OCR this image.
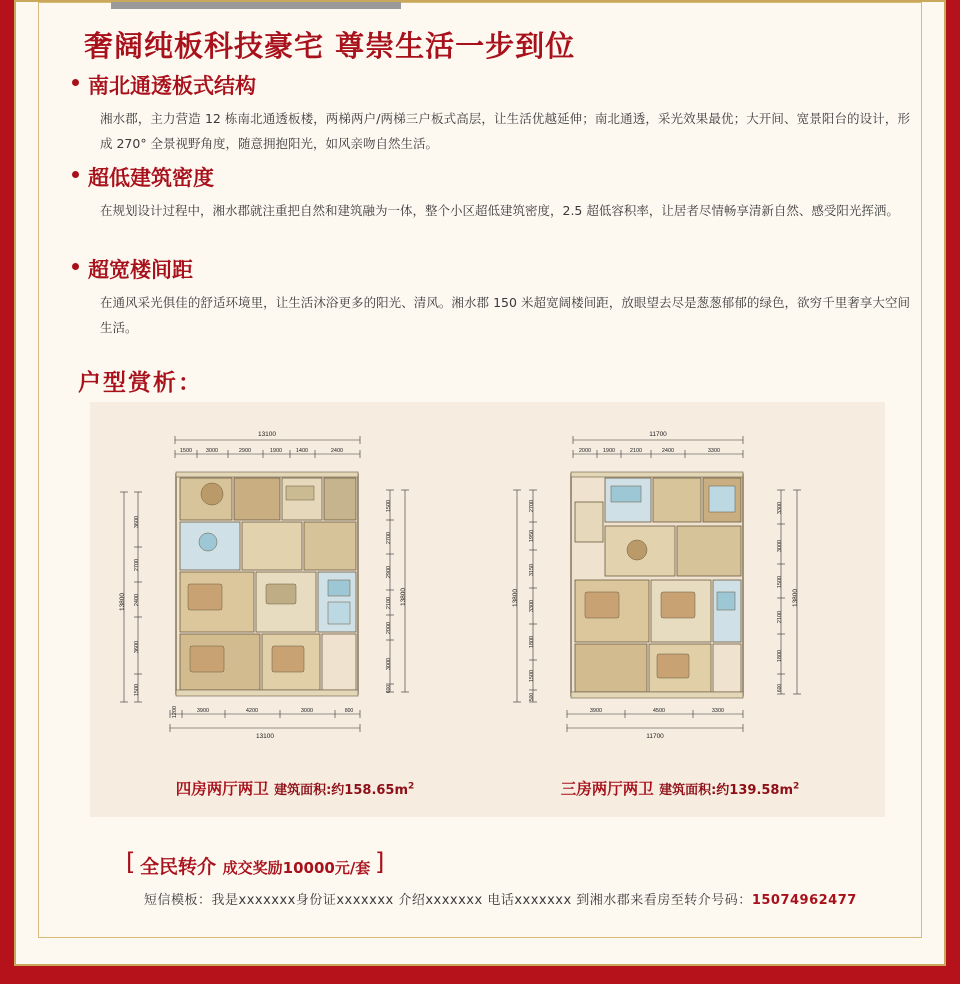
奢阔纯板科技豪宅 尊崇生活一步到位

南北通透板式结构

湘水郡，主力营造 12 栋南北通透板楼，两梯两户/两梯三户板式高层，让生活优越延伸；南北通透，采光效果最优；大开间、宽景阳台的设计，形成 270° 全景视野角度，随意拥抱阳光，如风亲吻自然生活。

超低建筑密度

在规划设计过程中，湘水郡就注重把自然和建筑融为一体，整个小区超低建筑密度，2.5 超低容积率，让居者尽情畅享清新自然、感受阳光挥洒。

超宽楼间距

在通风采光俱佳的舒适环境里，让生活沐浴更多的阳光、清风。湘水郡 150 米超宽阔楼间距，放眼望去尽是葱葱郁郁的绿色，欲穷千里奢享大空间生活。
户型赏析：
13100
1500	3000	2900	1900	1400	2400
13800
3600
2700
2400
3600
1500
1500
2700
2900
2100
2000
3000
600
13800
1200	3900	4200	3000	800
13100
四房两厅两卫 建筑面积:约$158.65m^2$
11700
2000 1900	2100	2400	3300
13800
2700
1950
3150
3300
1800
1500
500
3300
3000
1500
2100
1800
600
13800
3900	4500	3300
11700
三房两厅两卫 建筑面积:约$139.58m^2$
[ 全民转介 成交奖励10000元/套 ]
短信模板：我是xxxxxxx身份证xxxxxxx 介绍xxxxxxx 电话xxxxxxx 到湘水郡来看房至转介号码：15074962477
